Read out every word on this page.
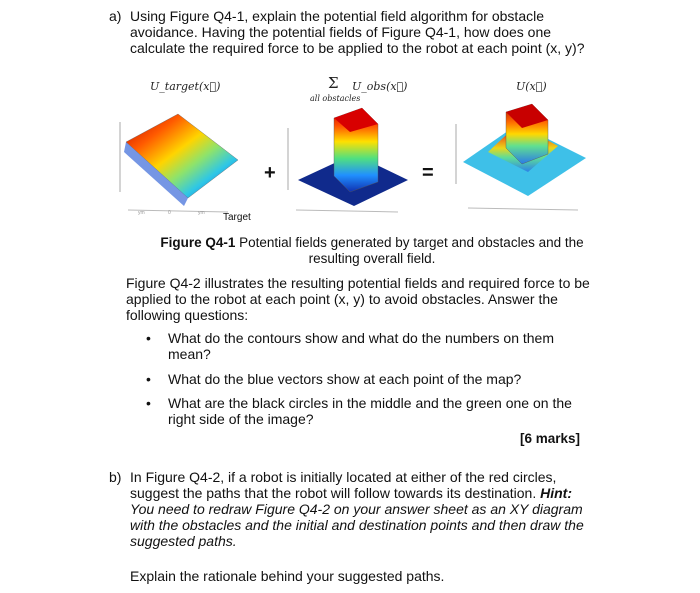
a) Using Figure Q4-1, explain the potential field algorithm for obstacle
avoidance. Having the potential fields of Figure Q4-1, how does one
calculate the required force to be applied to the robot at each point (x, y)?
U_target(x⃗)	Σ U_obs(x⃗)
all obstacles
U(x⃗)
ym	0	ym
+	=
Target
Figure Q4-1 Potential fields generated by target and obstacles and the
resulting overall field.
Figure Q4-2 illustrates the resulting potential fields and required force to be
applied to the robot at each point (x, y) to avoid obstacles. Answer the
following questions:
• What do the contours show and what do the numbers on them
mean?
• What do the blue vectors show at each point of the map?
• What are the black circles in the middle and the green one on the
right side of the image?
[6 marks]
b) In Figure Q4-2, if a robot is initially located at either of the red circles,
suggest the paths that the robot will follow towards its destination. Hint:
You need to redraw Figure Q4-2 on your answer sheet as an XY diagram
with the obstacles and the initial and destination points and then draw the
suggested paths.
Explain the rationale behind your suggested paths.
